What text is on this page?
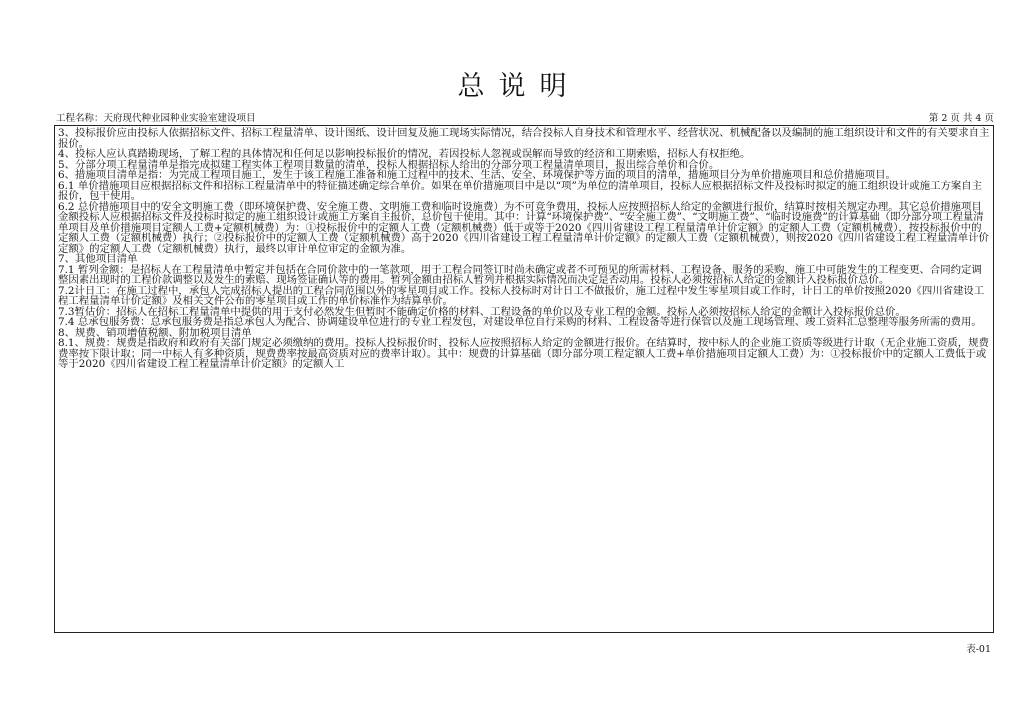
总说明
工程名称：天府现代种业园种业实验室建设项目	第 2 页 共 4 页

3、投标报价应由投标人依据招标文件、招标工程量清单、设计图纸、设计回复及施工现场实际情况，结合投标人自身技术和管理水平、经营状况、机械配备以及编制的施工组织设计和文件的有关要求自主报价。

4、投标人应认真踏勘现场，了解工程的具体情况和任何足以影响投标报价的情况，若因投标人忽视或误解而导致的经济和工期索赔，招标人有权拒绝。

5、分部分项工程量清单是指完成拟建工程实体工程项目数量的清单，投标人根据招标人给出的分部分项工程量清单项目，报出综合单价和合价。

6、措施项目清单是指：为完成工程项目施工，发生于该工程施工准备和施工过程中的技术、生活、安全、环境保护等方面的项目的清单，措施项目分为单价措施项目和总价措施项目。

6.1 单价措施项目应根据招标文件和招标工程量清单中的特征描述确定综合单价。如果在单价措施项目中是以“项”为单位的清单项目，投标人应根据招标文件及投标时拟定的施工组织设计或施工方案自主报价，包干使用。

6.2 总价措施项目中的安全文明施工费（即环境保护费、安全施工费、文明施工费和临时设施费）为不可竞争费用，投标人应按照招标人给定的金额进行报价，结算时按相关规定办理。其它总价措施项目金额投标人应根据招标文件及投标时拟定的施工组织设计或施工方案自主报价，总价包干使用。其中：计算“环境保护费”、“安全施工费”、“文明施工费”、“临时设施费”的计算基础（即分部分项工程量清单项目及单价措施项目定额人工费+定额机械费）为：①投标报价中的定额人工费（定额机械费）低于或等于2020《四川省建设工程工程量清单计价定额》的定额人工费（定额机械费），按投标报价中的定额人工费（定额机械费）执行；②投标报价中的定额人工费（定额机械费）高于2020《四川省建设工程工程量清单计价定额》的定额人工费（定额机械费），则按2020《四川省建设工程工程量清单计价定额》的定额人工费（定额机械费）执行，最终以审计单位审定的金额为准。

7、其他项目清单

7.1 暂列金额：是招标人在工程量清单中暂定并包括在合同价款中的一笔款项，用于工程合同签订时尚未确定或者不可预见的所需材料、工程设备、服务的采购，施工中可能发生的工程变更、合同约定调整因素出现时的工程价款调整以及发生的索赔、现场签证确认等的费用。暂列金额由招标人暂列并根据实际情况而决定是否动用。投标人必须按招标人给定的金额计入投标报价总价。

7.2计日工：在施工过程中，承包人完成招标人提出的工程合同范围以外的零星项目或工作。投标人投标时对计日工不做报价，施工过程中发生零星项目或工作时，计日工的单价按照2020《四川省建设工程工程量清单计价定额》及相关文件公布的零星项目或工作的单价标准作为结算单价。

7.3暂估价：招标人在招标工程量清单中提供的用于支付必然发生但暂时不能确定价格的材料、工程设备的单价以及专业工程的金额。投标人必须按招标人给定的金额计入投标报价总价。

7.4 总承包服务费：总承包服务费是指总承包人为配合、协调建设单位进行的专业工程发包，对建设单位自行采购的材料、工程设备等进行保管以及施工现场管理、竣工资料汇总整理等服务所需的费用。

8、规费、销项增值税额、附加税项目清单

8.1、规费：规费是指政府和政府有关部门规定必须缴纳的费用。投标人投标报价时，投标人应按照招标人给定的金额进行报价。在结算时，按中标人的企业施工资质等级进行计取（无企业施工资质，规费费率按下限计取；同一中标人有多种资质，规费费率按最高资质对应的费率计取）。其中：规费的计算基础（即分部分项工程定额人工费+单价措施项目定额人工费）为：①投标报价中的定额人工费低于或等于2020《四川省建设工程工程量清单计价定额》的定额人工

表-01
